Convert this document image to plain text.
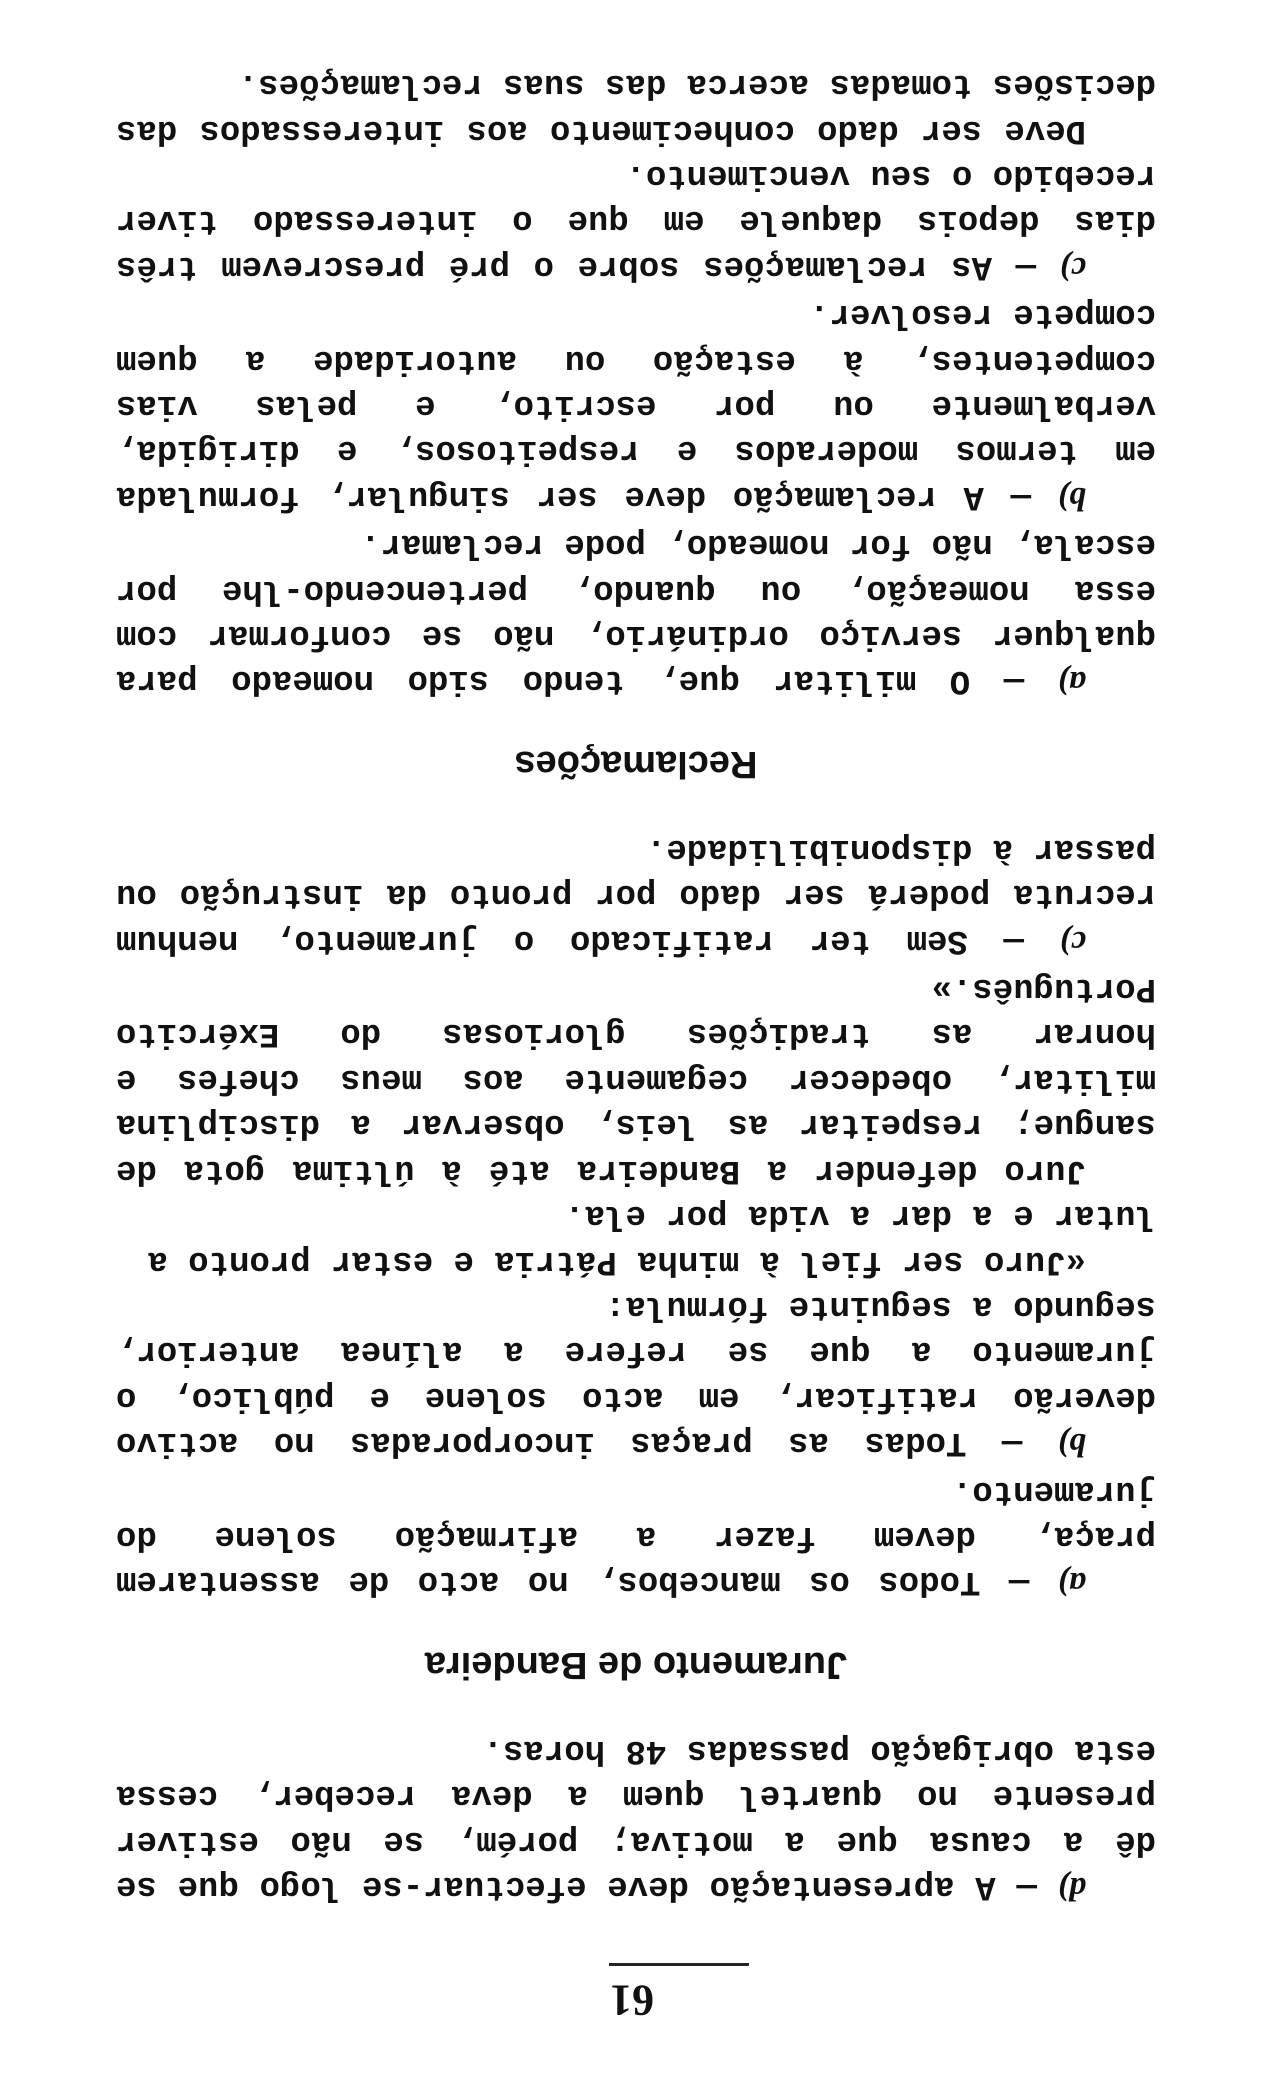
61

d) — A apresentação deve efectuar-se logo que se dê a causa que a motiva; porém, se não estiver presente no quartel quem a deva receber, cessa esta obrigação passadas 48 horas.

Juramento de Bandeira

a) — Todos os mancebos, no acto de assentarem praça, devem fazer a afirmação solene do juramento.

b) — Todas as praças incorporadas no activo deverão ratificar, em acto solene e público, o juramento a que se refere a alínea anterior, segundo a seguinte fórmula:

«Juro ser fiel à minha Pátria e estar pronto a lutar e a dar a vida por ela.

Juro defender a Bandeira até à última gota de sangue; respeitar as leis, observar a disciplina militar, obedecer cegamente aos meus chefes e honrar as tradições gloriosas do Exército Português.»

c) — Sem ter ratificado o juramento, nenhum recruta poderá ser dado por pronto da instrução ou passar à disponibilidade.

Reclamações

a) — O militar que, tendo sido nomeado para qualquer serviço ordinário, não se conformar com essa nomeação, ou quando, pertencendo-lhe por escala, não for nomeado, pode reclamar.

b) — A reclamação deve ser singular, formulada em termos moderados e respeitosos, e dirigida, verbalmente ou por escrito, e pelas vias competentes, à estação ou autoridade a quem compete resolver.

c) — As reclamações sobre o pré prescrevem três dias depois daquele em que o interessado tiver recebido o seu vencimento.

Deve ser dado conhecimento aos interessados das decisões tomadas acerca das suas reclamações.
